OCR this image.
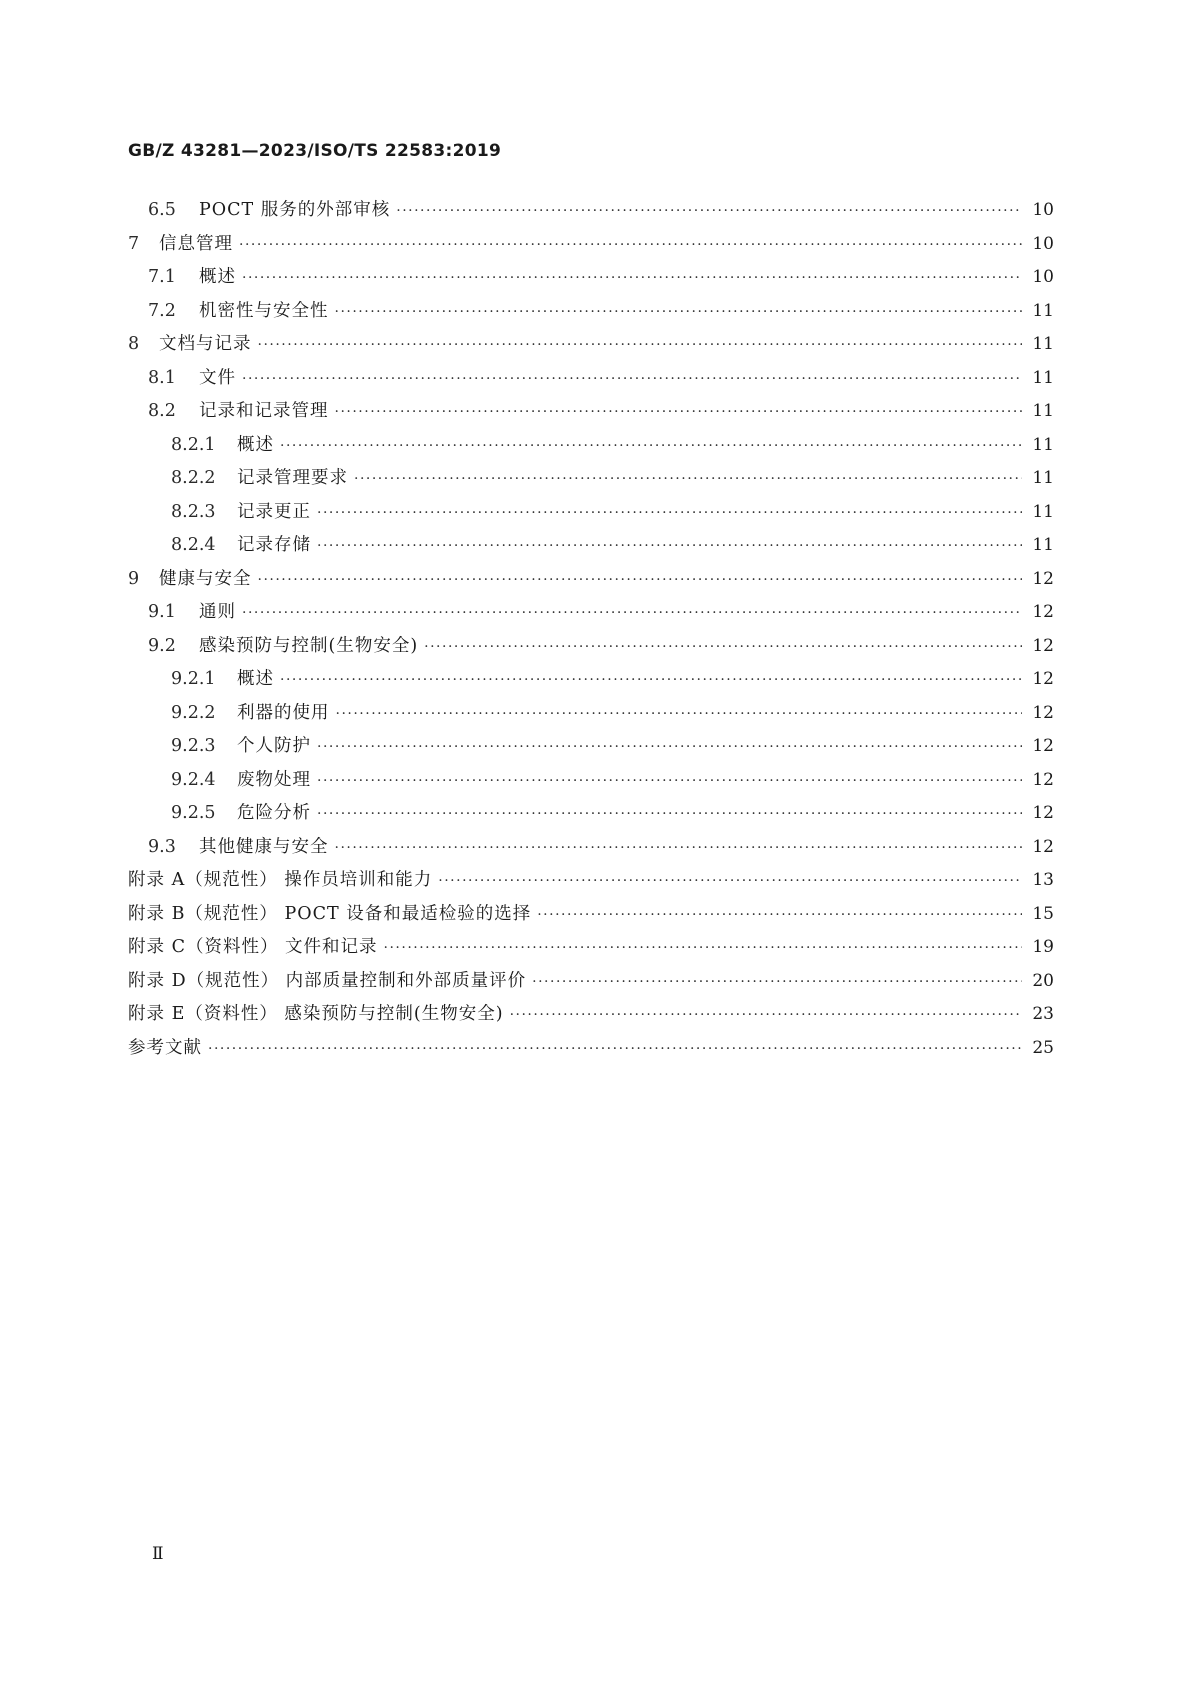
GB/Z 43281—2023/ISO/TS 22583:2019
6.5	POCT 服务的外部审核 ·····	10
7	信息管理 ·····	10
7.1	概述 ·····	10
7.2	机密性与安全性 ·····	11
8	文档与记录 ·····	11
8.1	文件 ·····	11
8.2	记录和记录管理 ·····	11
8.2.1	概述 ·····	11
8.2.2	记录管理要求 ·····	11
8.2.3	记录更正 ·····	11
8.2.4	记录存储 ·····	11
9	健康与安全 ·····	12
9.1	通则 ·····	12
9.2	感染预防与控制(生物安全) ·····	12
9.2.1	概述 ·····	12
9.2.2	利器的使用 ·····	12
9.2.3	个人防护 ·····	12
9.2.4	废物处理 ·····	12
9.2.5	危险分析 ·····	12
9.3	其他健康与安全 ·····	12
附录 A（规范性） 操作员培训和能力 ·····	13
附录 B（规范性） POCT 设备和最适检验的选择 ·····	15
附录 C（资料性） 文件和记录 ·····	19
附录 D（规范性） 内部质量控制和外部质量评价 ·····	20
附录 E（资料性） 感染预防与控制(生物安全) ·····	23
参考文献 ·····	25
Ⅱ
